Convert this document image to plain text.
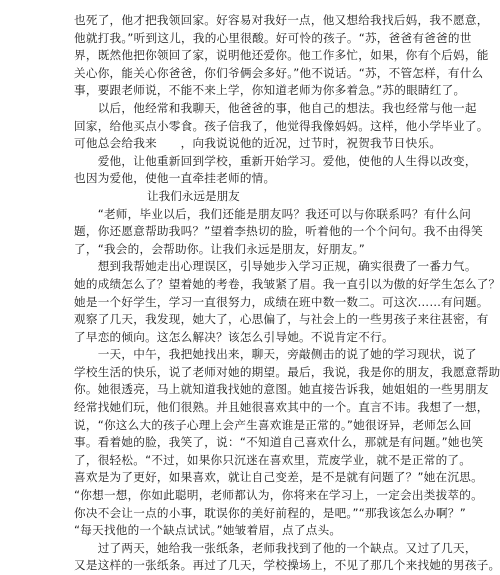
也死了，他才把我领回家。好容易对我好一点，他又想给我找后妈，我不愿意，
他就打我。”听到这儿，我的心里很酸。好可怜的孩子。“苏，爸爸有爸爸的世
界，既然他把你领回了家，说明他还爱你。他工作多忙，如果，你有个后妈，能
关心你，能关心你爸爸，你们爷俩会多好。”他不说话。“苏，不管怎样，有什么
事，要跟老师说，不能不来上学，你知道老师为你多着急。”苏的眼睛红了。
　　以后，他经常和我聊天，他爸爸的事，他自己的想法。我也经常与他一起
回家，给他买点小零食。孩子信我了，他觉得我像妈妈。这样，他小学毕业了。
可他总会给我来　　，向我说说他的近况，过节时，祝贺我节日快乐。
　　爱他，让他重新回到学校，重新开始学习。爱他，使他的人生得以改变，
也因为爱他，使他一直牵挂老师的情。
让我们永远是朋友
　　“老师，毕业以后，我们还能是朋友吗？我还可以与你联系吗？有什么问
题，你还愿意帮助我吗？”望着李热切的脸，听着他的一个个问句。我不由得笑
了，“我会的，会帮助你。让我们永远是朋友，好朋友。”
　　想到我帮她走出心理误区，引导她步入学习正规，确实很费了一番力气。
她的成绩怎么了？望着她的考卷，我皱紧了眉。我一直引以为傲的好学生怎么了？
她是一个好学生，学习一直很努力，成绩在班中数一数二。可这次……有问题。
观察了几天，我发现，她大了，心思偏了，与社会上的一些男孩子来往甚密，有
了早恋的倾向。这怎么解决？该怎么引导她。不说肯定不行。
　　一天，中午，我把她找出来，聊天，旁敲侧击的说了她的学习现状，说了
学校生活的快乐，说了老师对她的期望。最后，我说，我是你的朋友，我愿意帮助
你。她很透亮，马上就知道我找她的意图。她直接告诉我，她姐姐的一些男朋友
经常找她们玩，他们很熟。并且她很喜欢其中的一个。直言不讳。我想了一想，
说，“你这么大的孩子心理上会产生喜欢谁是正常的。”她很讶异，老师怎么回
事。看着她的脸，我笑了，说：“不知道自己喜欢什么，那就是有问题。”她也笑
了，很轻松。“不过，如果你只沉迷在喜欢里，荒废学业，就不是正常的了。
喜欢是为了更好，如果喜欢，就让自己变差，是不是就有问题了？”她在沉思。
“你想一想，你如此聪明，老师都认为，你将来在学习上，一定会出类拔萃的。
你决不会让一点的小事，耽误你的美好前程的，是吧。”“那我该怎么办啊？”
“每天找他的一个缺点试试。”她皱着眉，点了点头。
　　过了两天，她给我一张纸条，老师我找到了他的一个缺点。又过了几天，
又是这样的一张纸条。再过了几天，学校操场上，不见了那几个来找她的男孩子。
